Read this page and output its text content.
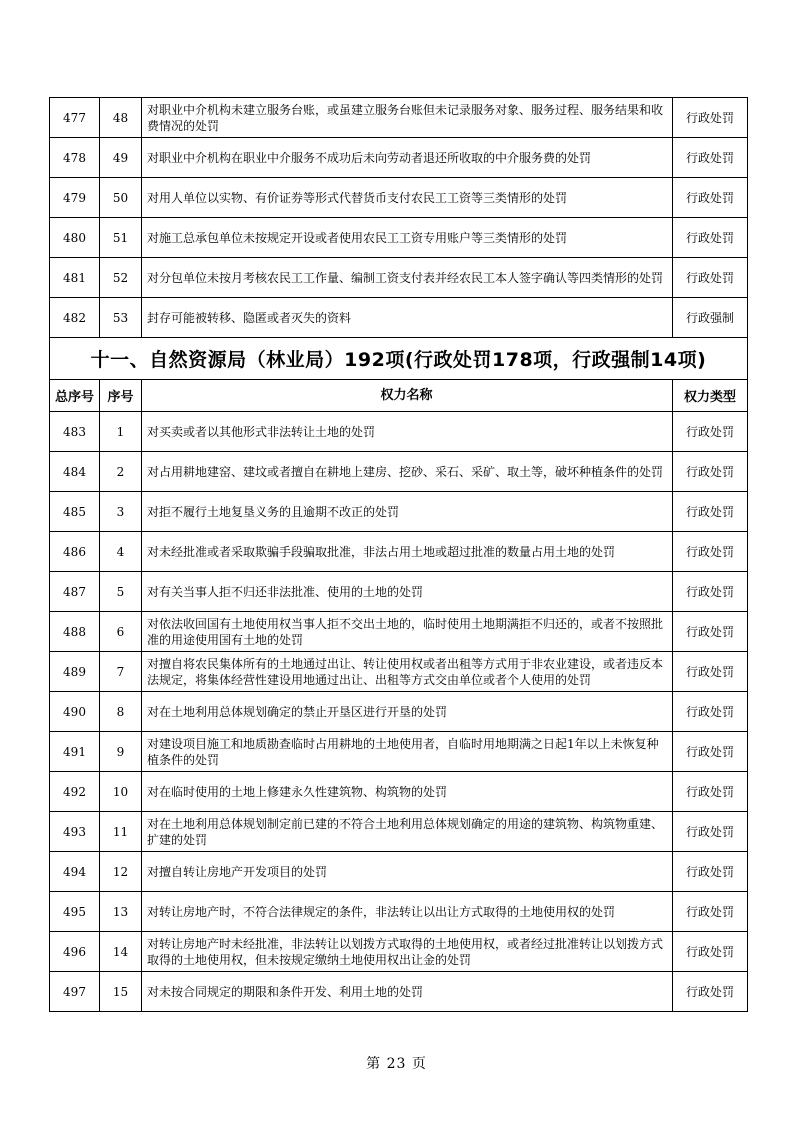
477	48	对职业中介机构未建立服务台账，或虽建立服务台账但未记录服务对象、服务过程、服务结果和收费情况的处罚	行政处罚
478	49	对职业中介机构在职业中介服务不成功后未向劳动者退还所收取的中介服务费的处罚	行政处罚
479	50	对用人单位以实物、有价证券等形式代替货币支付农民工工资等三类情形的处罚	行政处罚
480	51	对施工总承包单位未按规定开设或者使用农民工工资专用账户等三类情形的处罚	行政处罚
481	52	对分包单位未按月考核农民工工作量、编制工资支付表并经农民工本人签字确认等四类情形的处罚	行政处罚
482	53	封存可能被转移、隐匿或者灭失的资料	行政强制
十一、自然资源局（林业局）192项(行政处罚178项，行政强制14项)			
总序号	序号	权力名称	权力类型
483	1	对买卖或者以其他形式非法转让土地的处罚	行政处罚
484	2	对占用耕地建窑、建坟或者擅自在耕地上建房、挖砂、采石、采矿、取土等，破坏种植条件的处罚	行政处罚
485	3	对拒不履行土地复垦义务的且逾期不改正的处罚	行政处罚
486	4	对未经批准或者采取欺骗手段骗取批准，非法占用土地或超过批准的数量占用土地的处罚	行政处罚
487	5	对有关当事人拒不归还非法批准、使用的土地的处罚	行政处罚
488	6	对依法收回国有土地使用权当事人拒不交出土地的，临时使用土地期满拒不归还的，或者不按照批准的用途使用国有土地的处罚	行政处罚
489	7	对擅自将农民集体所有的土地通过出让、转让使用权或者出租等方式用于非农业建设，或者违反本法规定，将集体经营性建设用地通过出让、出租等方式交由单位或者个人使用的处罚	行政处罚
490	8	对在土地利用总体规划确定的禁止开垦区进行开垦的处罚	行政处罚
491	9	对建设项目施工和地质勘查临时占用耕地的土地使用者，自临时用地期满之日起1年以上未恢复种植条件的处罚	行政处罚
492	10	对在临时使用的土地上修建永久性建筑物、构筑物的处罚	行政处罚
493	11	对在土地利用总体规划制定前已建的不符合土地利用总体规划确定的用途的建筑物、构筑物重建、扩建的处罚	行政处罚
494	12	对擅自转让房地产开发项目的处罚	行政处罚
495	13	对转让房地产时，不符合法律规定的条件，非法转让以出让方式取得的土地使用权的处罚	行政处罚
496	14	对转让房地产时未经批准，非法转让以划拨方式取得的土地使用权，或者经过批准转让以划拨方式取得的土地使用权，但未按规定缴纳土地使用权出让金的处罚	行政处罚
497	15	对未按合同规定的期限和条件开发、利用土地的处罚	行政处罚
第 23 页
